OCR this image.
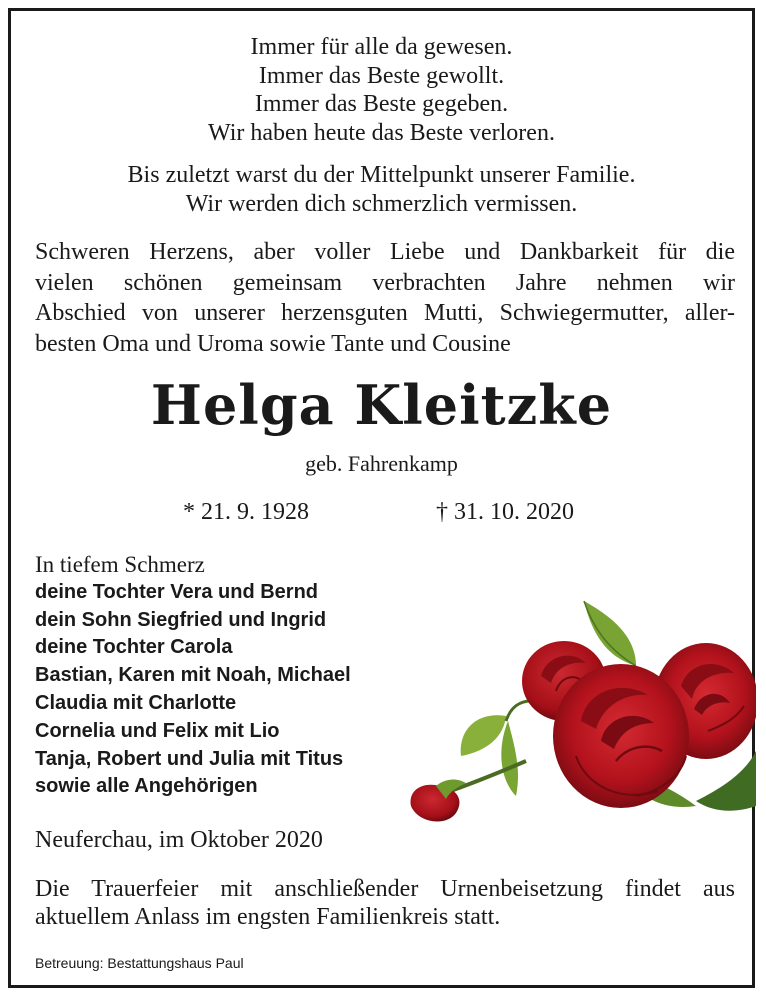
Immer für alle da gewesen.
Immer das Beste gewollt.
Immer das Beste gegeben.
Wir haben heute das Beste verloren.
Bis zuletzt warst du der Mittelpunkt unserer Familie.
Wir werden dich schmerzlich vermissen.
Schweren Herzens, aber voller Liebe und Dankbarkeit für die
vielen schönen gemeinsam verbrachten Jahre nehmen wir
Abschied von unserer herzensguten Mutti, Schwiegermutter, aller-
besten Oma und Uroma sowie Tante und Cousine
Helga Kleitzke
geb. Fahrenkamp
* 21. 9. 1928	† 31. 10. 2020
In tiefem Schmerz
deine Tochter Vera und Bernd
dein Sohn Siegfried und Ingrid
deine Tochter Carola
Bastian, Karen mit Noah, Michael
Claudia mit Charlotte
Cornelia und Felix mit Lio
Tanja, Robert und Julia mit Titus
sowie alle Angehörigen
Neuferchau, im Oktober 2020
Die Trauerfeier mit anschließender Urnenbeisetzung findet aus
aktuellem Anlass im engsten Familienkreis statt.
Betreuung: Bestattungshaus Paul
